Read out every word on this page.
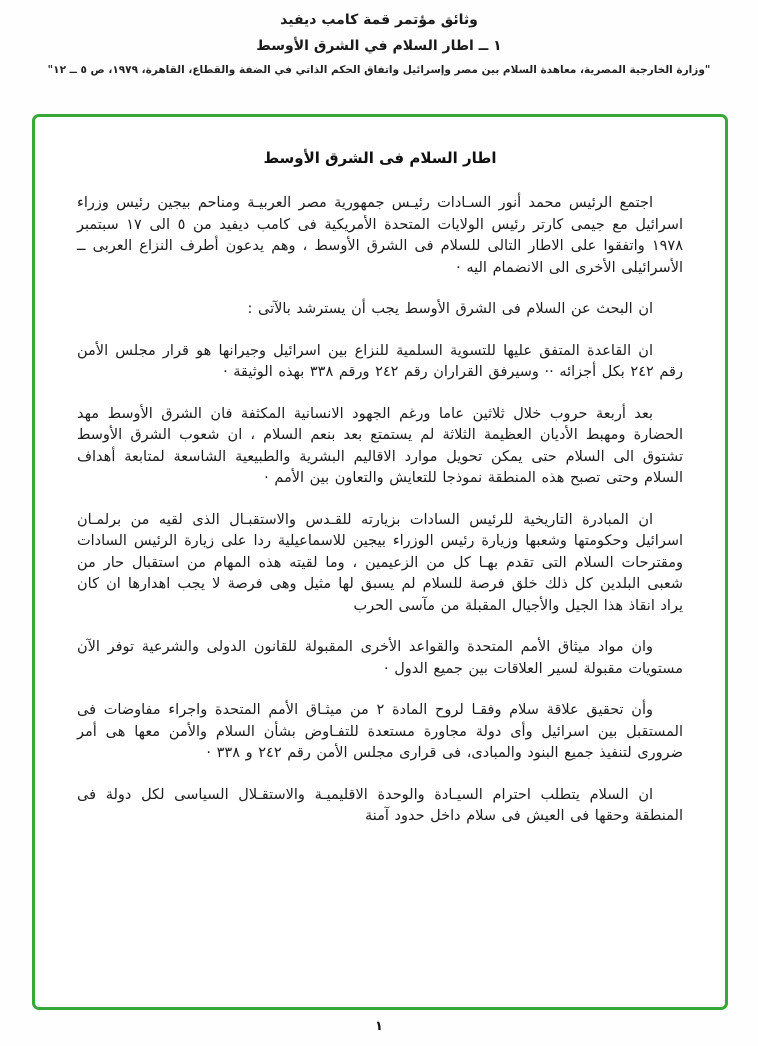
وثائق مؤتمر قمة كامب ديفيد

١ ــ اطار السلام في الشرق الأوسط

"وزارة الخارجية المصرية، معاهدة السلام بين مصر وإسرائيل واتفاق الحكم الذاتي في الضفة والقطاع، القاهرة، ١٩٧٩، ص ٥ ــ ١٢"

اطار السلام فى الشرق الأوسط

اجتمع الرئيس محمد أنور السـادات رئيـس جمهورية مصر العربيـة ومناحم بيجين رئيس وزراء اسرائيل مع جيمى كارتر رئيس الولايات المتحدة الأمريكية فى كامب ديفيد من ٥ الى ١٧ سبتمبر ١٩٧٨ واتفقوا على الاطار التالى للسلام فى الشرق الأوسط ، وهم يدعون أطرف النزاع العربى ــ الأسرائيلى الأخرى الى الانضمام اليه ·

ان البحث عن السلام فى الشرق الأوسط يجب أن يسترشد بالآتى :

ان القاعدة المتفق عليها للتسوية السلمية للنزاع بين اسرائيل وجيرانها هو قرار مجلس الأمن رقم ٢٤٢ بكل أجزائه ·· وسيرفق القراران رقم ٢٤٢ ورقم ٣٣٨ بهذه الوثيقة ·

بعد أربعة حروب خلال ثلاثين عاما ورغم الجهود الانسانية المكثفة فان الشرق الأوسط مهد الحضارة ومهبط الأديان العظيمة الثلاثة لم يستمتع بعد بنعم السلام ، ان شعوب الشرق الأوسط تشتوق الى السلام حتى يمكن تحويل موارد الاقاليم البشرية والطبيعية الشاسعة لمتابعة أهداف السلام وحتى تصبح هذه المنطقة نموذجا للتعايش والتعاون بين الأمم ·

ان المبادرة التاريخية للرئيس السادات بزيارته للقـدس والاستقبـال الذى لقيه من برلمـان اسرائيل وحكومتها وشعبها وزيارة رئيس الوزراء بيجين للاسماعيلية ردا على زيارة الرئيس السادات ومقترحات السلام التى تقدم بهـا كل من الزعيمين ، وما لقيته هذه المهام من استقبال حار من شعبى البلدين كل ذلك خلق فرصة للسلام لم يسبق لها مثيل وهى فرصة لا يجب اهدارها ان كان يراد انقاذ هذا الجيل والأجيال المقبلة من مآسى الحرب

وان مواد ميثاق الأمم المتحدة والقواعد الأخرى المقبولة للقانون الدولى والشرعية توفر الآن مستويات مقبولة لسير العلاقات بين جميع الدول ·

وأن تحقيق علاقة سلام وفقـا لروح المادة ٢ من ميثـاق الأمم المتحدة واجراء مفاوضات فى المستقبل بين اسرائيل وأى دولة مجاورة مستعدة للتفـاوض بشأن السلام والأمن معها هى أمر ضرورى لتنفيذ جميع البنود والمبادى، فى قرارى مجلس الأمن رقم ٢٤٢ و ٣٣٨ ·

ان السلام يتطلب احترام السيـادة والوحدة الاقليميـة والاستقـلال السياسى لكل دولة فى المنطقة وحقها فى العيش فى سلام داخل حدود آمنة

١
